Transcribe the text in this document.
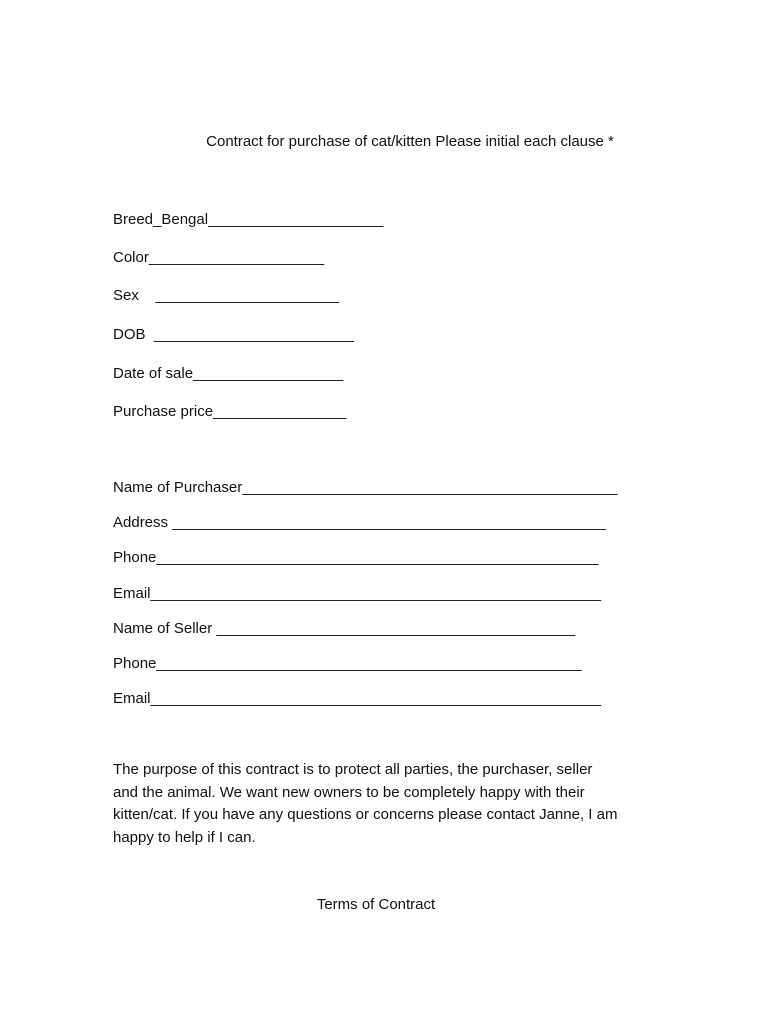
Contract for purchase of cat/kitten Please initial each clause *
Breed_Bengal_____________________
Color_____________________
Sex    ______________________
DOB  ________________________
Date of sale__________________
Purchase price________________
Name of Purchaser_____________________________________________
Address ____________________________________________________
Phone_____________________________________________________
Email______________________________________________________
Name of Seller ___________________________________________
Phone___________________________________________________
Email______________________________________________________
The purpose of this contract is to protect all parties, the purchaser, seller
and the animal. We want new owners to be completely happy with their
kitten/cat. If you have any questions or concerns please contact Janne, I am
happy to help if I can.
Terms of Contract
